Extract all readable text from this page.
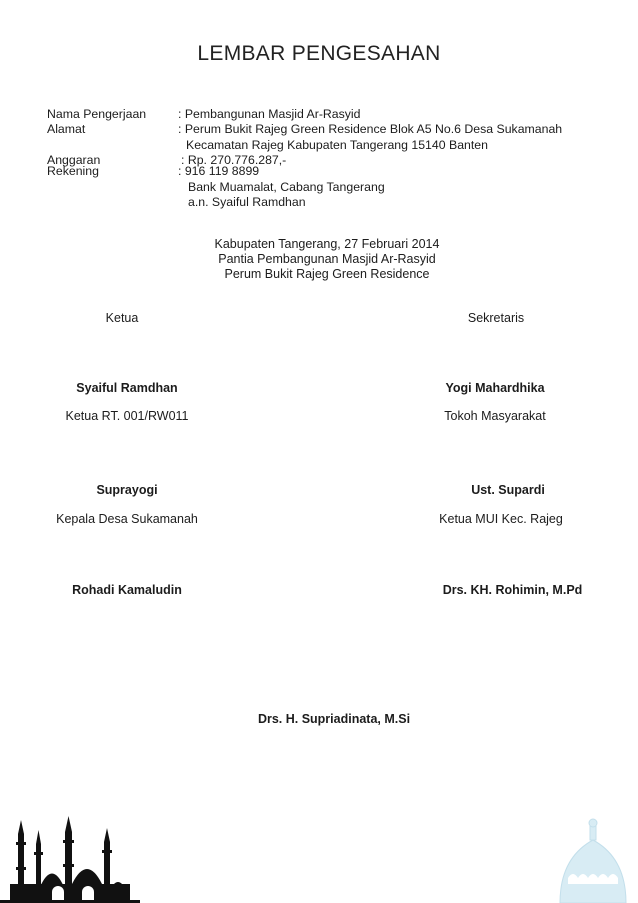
LEMBAR PENGESAHAN
Nama Pengerjaan	: Pembangunan Masjid Ar-Rasyid
Alamat	: Perum Bukit Rajeg Green Residence Blok A5 No.6 Desa Sukamanah
Kecamatan Rajeg Kabupaten Tangerang 15140 Banten
Anggaran	: Rp. 270.776.287,-
Rekening	: 916 119 8899
Bank Muamalat, Cabang Tangerang
a.n. Syaiful Ramdhan
Kabupaten Tangerang, 27 Februari 2014
Pantia Pembangunan Masjid Ar-Rasyid
Perum Bukit Rajeg Green Residence
Ketua	Sekretaris
Syaiful Ramdhan
Ketua RT. 001/RW011
Yogi Mahardhika
Tokoh Masyarakat
Suprayogi
Kepala Desa Sukamanah
Ust. Supardi
Ketua MUI Kec. Rajeg
Rohadi Kamaludin	Drs. KH. Rohimin, M.Pd
Drs. H. Supriadinata, M.Si
